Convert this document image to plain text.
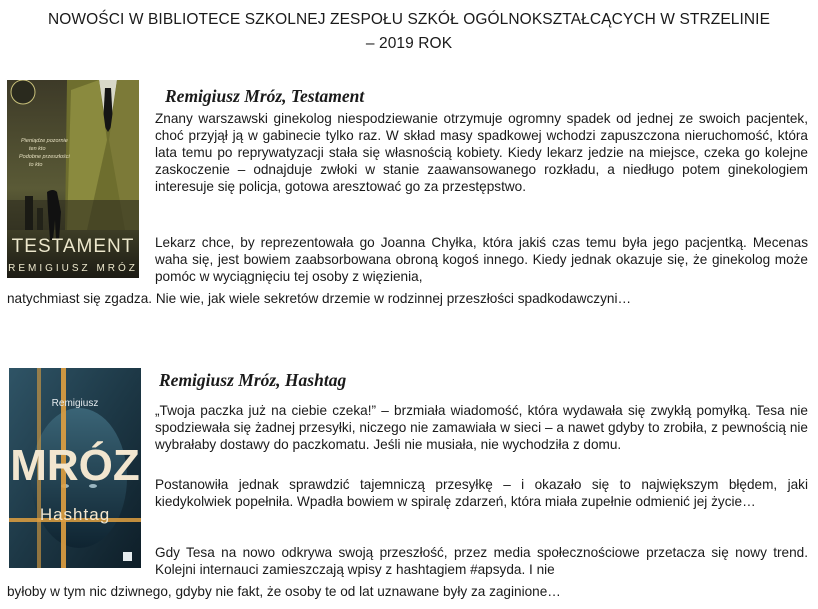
NOWOŚCI W BIBLIOTECE SZKOLNEJ ZESPOŁU SZKÓŁ OGÓLNOKSZTAŁCĄCYCH W STRZELINIE
– 2019 ROK
Pieniądze pozornie
ten kto
Podobne przeszłości
to kto
TESTAMENT
REMIGIUSZ MRÓZ
Remigiusz Mróz, Testament

Znany warszawski ginekolog niespodziewanie otrzymuje ogromny spadek od jednej ze swoich pacjentek, choć przyjął ją w gabinecie tylko raz. W skład masy spadkowej wchodzi zapuszczona nieruchomość, która lata temu po reprywatyzacji stała się własnością kobiety. Kiedy lekarz jedzie na miejsce, czeka go kolejne zaskoczenie – odnajduje zwłoki w stanie zaawansowanego rozkładu, a niedługo potem ginekologiem interesuje się policja, gotowa aresztować go za przestępstwo.

Lekarz chce, by reprezentowała go Joanna Chyłka, która jakiś czas temu była jego pacjentką. Mecenas waha się, jest bowiem zaabsorbowana obroną kogoś innego. Kiedy jednak okazuje się, że ginekolog może pomóc w wyciągnięciu tej osoby z więzienia,

natychmiast się zgadza. Nie wie, jak wiele sekretów drzemie w rodzinnej przeszłości spadkodawczyni…

Remigiusz
MRÓZ
Hashtag
Remigiusz Mróz, Hashtag

„Twoja paczka już na ciebie czeka!” – brzmiała wiadomość, która wydawała się zwykłą pomyłką. Tesa nie spodziewała się żadnej przesyłki, niczego nie zamawiała w sieci – a nawet gdyby to zrobiła, z pewnością nie wybrałaby dostawy do paczkomatu. Jeśli nie musiała, nie wychodziła z domu.

Postanowiła jednak sprawdzić tajemniczą przesyłkę – i okazało się to największym błędem, jaki kiedykolwiek popełniła. Wpadła bowiem w spiralę zdarzeń, która miała zupełnie odmienić jej życie…

Gdy Tesa na nowo odkrywa swoją przeszłość, przez media społecznościowe przetacza się nowy trend. Kolejni internauci zamieszczają wpisy z hashtagiem #apsyda. I nie

byłoby w tym nic dziwnego, gdyby nie fakt, że osoby te od lat uznawane były za zaginione…
